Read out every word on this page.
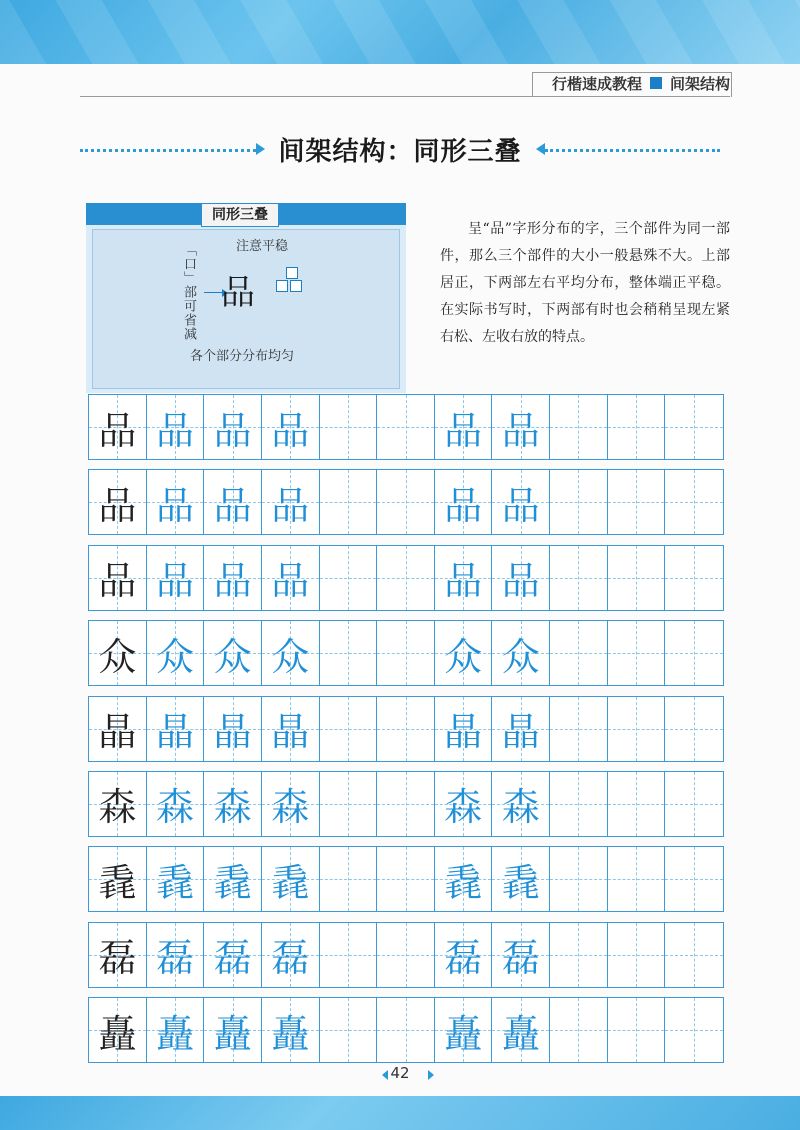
行楷速成教程 间架结构
间架结构：同形三叠
同形三叠
注意平稳
「口」部可省减 品
各个部分分布均匀

呈“品”字形分布的字，三个部件为同一部件，那么三个部件的大小一般悬殊不大。上部居正，下两部左右平均分布，整体端正平稳。在实际书写时，下两部有时也会稍稍呈现左紧右松、左收右放的特点。

品 品 品 品	品 品
品 品 品 品	品 品
品 品 品 品	品 品
众 众 众 众	众 众
晶 晶 晶 晶	晶 晶
森 森 森 森	森 森
毳 毳 毳 毳	毳 毳
磊 磊 磊 磊	磊 磊
矗 矗 矗 矗	矗 矗
42
